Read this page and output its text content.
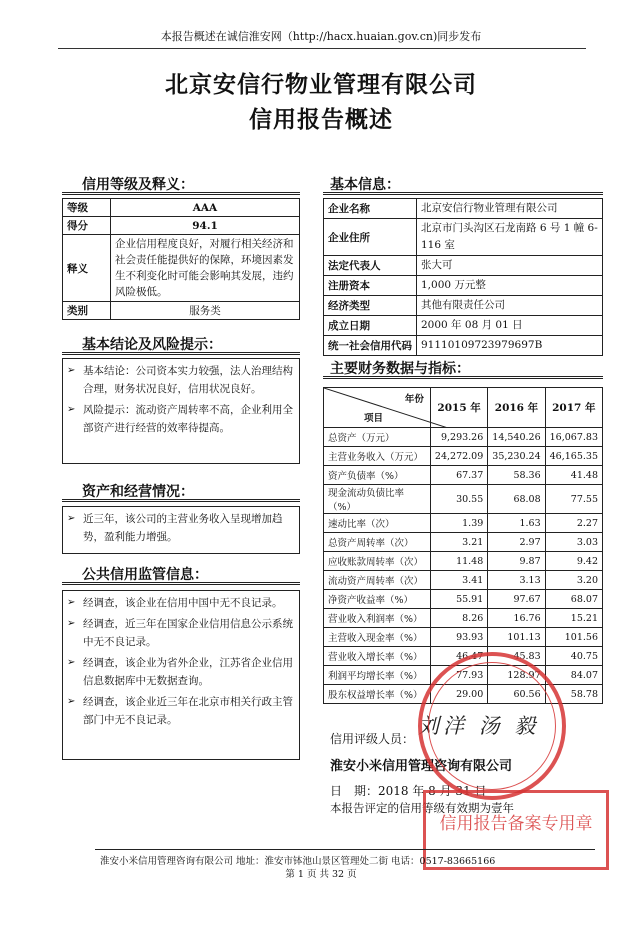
本报告概述在诚信淮安网（http://hacx.huaian.gov.cn)同步发布
北京安信行物业管理有限公司
信用报告概述
信用等级及释义：
等级	AAA
得分	94.1
释义	企业信用程度良好，对履行相关经济和社会责任能提供好的保障，环境因素发生不利变化时可能会影响其发展，违约风险极低。
类别	服务类
基本信息：
企业名称	北京安信行物业管理有限公司
企业住所	北京市门头沟区石龙南路 6 号 1 幢 6-116 室
法定代表人	张大可
注册资本	1,000 万元整
经济类型	其他有限责任公司
成立日期	2000 年 08 月 01 日
统一社会信用代码	91110109723979697B
基本结论及风险提示：
➢ 基本结论：公司资本实力较强，法人治理结构合理，财务状况良好，信用状况良好。
➢ 风险提示：流动资产周转率不高，企业利用全部资产进行经营的效率待提高。
资产和经营情况：
➢ 近三年，该公司的主营业务收入呈现增加趋势，盈利能力增强。
公共信用监管信息：
➢ 经调查，该企业在信用中国中无不良记录。
➢ 经调查，近三年在国家企业信用信息公示系统中无不良记录。
➢ 经调查，该企业为省外企业，江苏省企业信用信息数据库中无数据查询。
➢ 经调查，该企业近三年在北京市相关行政主管部门中无不良记录。
主要财务数据与指标：
年份
项目	2015 年	2016 年	2017 年
总资产（万元）	9,293.26	14,540.26	16,067.83
主营业务收入（万元）	24,272.09	35,230.24	46,165.35
资产负债率（%）	67.37	58.36	41.48
现金流动负债比率（%）	30.55	68.08	77.55
速动比率（次）	1.39	1.63	2.27
总资产周转率（次）	3.21	2.97	3.03
应收账款周转率（次）	11.48	9.87	9.42
流动资产周转率（次）	3.41	3.13	3.20
净资产收益率（%）	55.91	97.67	68.07
营业收入利润率（%）	8.26	16.76	15.21
主营收入现金率（%）	93.93	101.13	101.56
营业收入增长率（%）	46.47	45.83	40.75
利润平均增长率（%）	77.93	128.97	84.07
股东权益增长率（%）	29.00	60.56	58.78
信用评级人员：
刘洋 汤 毅
淮安小米信用管理咨询有限公司
日　期：2018 年 8 月 31 日
本报告评定的信用等级有效期为壹年
信用报告备案专用章
淮安小米信用管理咨询有限公司 地址：淮安市钵池山景区管理处二街 电话：0517-83665166
第 1 页 共 32 页
